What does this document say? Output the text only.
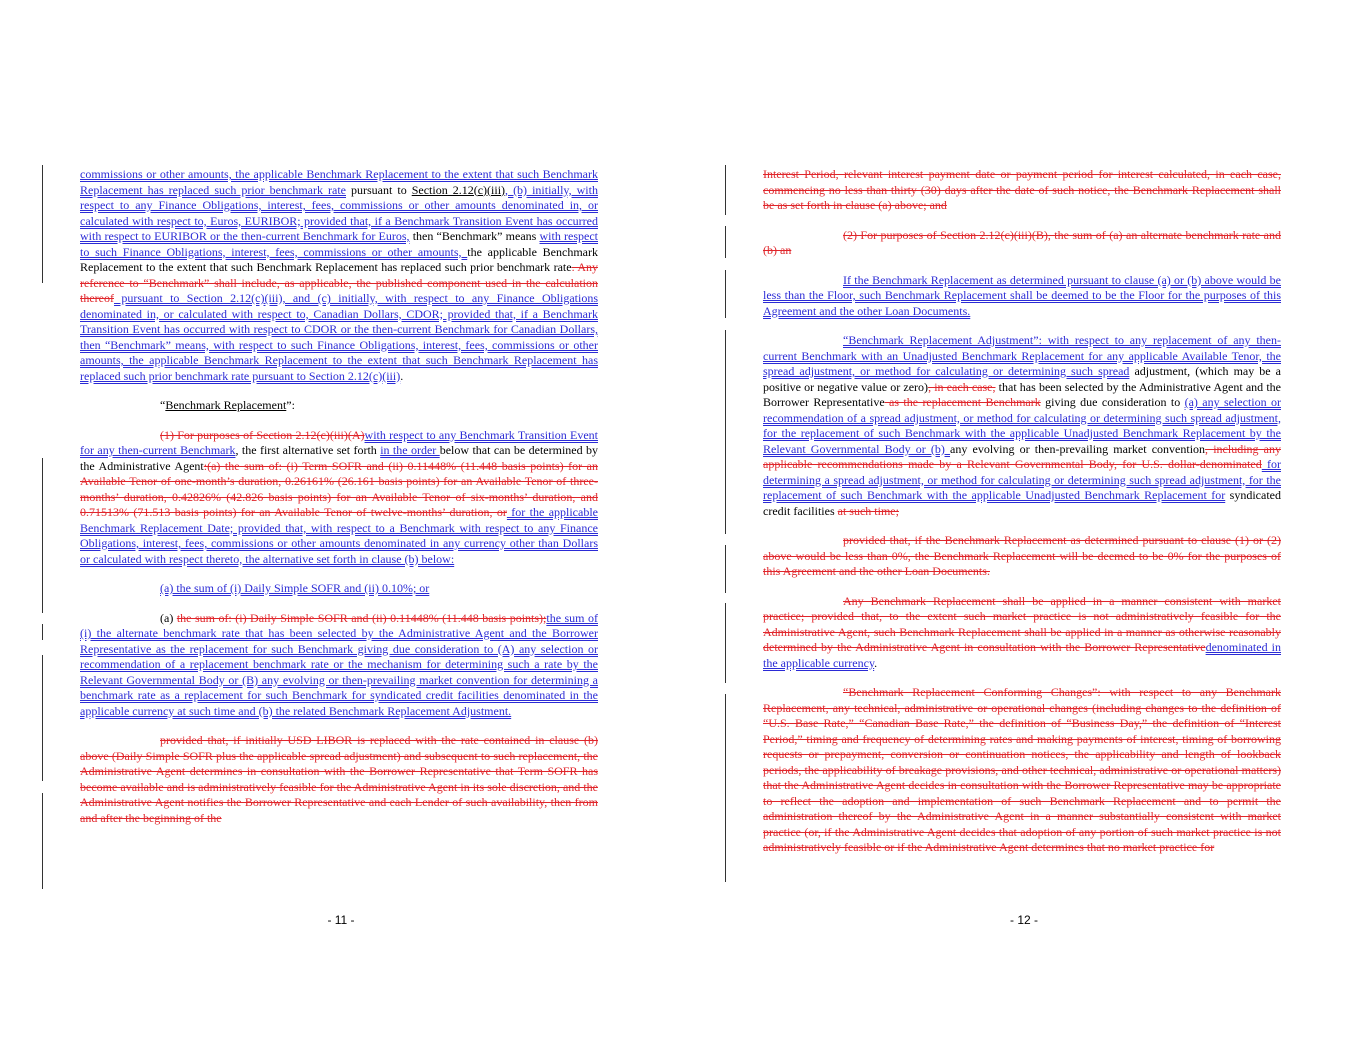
commissions or other amounts, the applicable Benchmark Replacement to the extent that such Benchmark Replacement has replaced such prior benchmark rate pursuant to Section 2.12(c)(iii), (b) initially, with respect to any Finance Obligations, interest, fees, commissions or other amounts denominated in, or calculated with respect to, Euros, EURIBOR; provided that, if a Benchmark Transition Event has occurred with respect to EURIBOR or the then-current Benchmark for Euros, then “Benchmark” means with respect to such Finance Obligations, interest, fees, commissions or other amounts, the applicable Benchmark Replacement to the extent that such Benchmark Replacement has replaced such prior benchmark rate. Any reference to “Benchmark” shall include, as applicable, the published component used in the calculation thereof pursuant to Section 2.12(c)(iii), and (c) initially, with respect to any Finance Obligations denominated in, or calculated with respect to, Canadian Dollars, CDOR; provided that, if a Benchmark Transition Event has occurred with respect to CDOR or the then-current Benchmark for Canadian Dollars, then “Benchmark” means, with respect to such Finance Obligations, interest, fees, commissions or other amounts, the applicable Benchmark Replacement to the extent that such Benchmark Replacement has replaced such prior benchmark rate pursuant to Section 2.12(c)(iii).

“Benchmark Replacement”:

(1) For purposes of Section 2.12(c)(iii)(A)with respect to any Benchmark Transition Event for any then-current Benchmark, the first alternative set forth in the order below that can be determined by the Administrative Agent:(a) the sum of: (i) Term SOFR and (ii) 0.11448% (11.448 basis points) for an Available Tenor of one-month’s duration, 0.26161% (26.161 basis points) for an Available Tenor of three-months’ duration, 0.42826% (42.826 basis points) for an Available Tenor of six-months’ duration, and 0.71513% (71.513 basis points) for an Available Tenor of twelve-months’ duration, or for the applicable Benchmark Replacement Date; provided that, with respect to a Benchmark with respect to any Finance Obligations, interest, fees, commissions or other amounts denominated in any currency other than Dollars or calculated with respect thereto, the alternative set forth in clause (b) below:

(a) the sum of (i) Daily Simple SOFR and (ii) 0.10%; or

(a) the sum of: (i) Daily Simple SOFR and (ii) 0.11448% (11.448 basis points);the sum of (i) the alternate benchmark rate that has been selected by the Administrative Agent and the Borrower Representative as the replacement for such Benchmark giving due consideration to (A) any selection or recommendation of a replacement benchmark rate or the mechanism for determining such a rate by the Relevant Governmental Body or (B) any evolving or then-prevailing market convention for determining a benchmark rate as a replacement for such Benchmark for syndicated credit facilities denominated in the applicable currency at such time and (b) the related Benchmark Replacement Adjustment.

provided that, if initially USD LIBOR is replaced with the rate contained in clause (b) above (Daily Simple SOFR plus the applicable spread adjustment) and subsequent to such replacement, the Administrative Agent determines in consultation with the Borrower Representative that Term SOFR has become available and is administratively feasible for the Administrative Agent in its sole discretion, and the Administrative Agent notifies the Borrower Representative and each Lender of such availability, then from and after the beginning of the

- 11 -

Interest Period, relevant interest payment date or payment period for interest calculated, in each case, commencing no less than thirty (30) days after the date of such notice, the Benchmark Replacement shall be as set forth in clause (a) above; and

(2) For purposes of Section 2.12(c)(iii)(B), the sum of (a) an alternate benchmark rate and (b) an

If the Benchmark Replacement as determined pursuant to clause (a) or (b) above would be less than the Floor, such Benchmark Replacement shall be deemed to be the Floor for the purposes of this Agreement and the other Loan Documents.

“Benchmark Replacement Adjustment”: with respect to any replacement of any then-current Benchmark with an Unadjusted Benchmark Replacement for any applicable Available Tenor, the spread adjustment, or method for calculating or determining such spread adjustment, (which may be a positive or negative value or zero), in each case, that has been selected by the Administrative Agent and the Borrower Representative as the replacement Benchmark giving due consideration to (a) any selection or recommendation of a spread adjustment, or method for calculating or determining such spread adjustment, for the replacement of such Benchmark with the applicable Unadjusted Benchmark Replacement by the Relevant Governmental Body or (b) any evolving or then-prevailing market convention, including any applicable recommendations made by a Relevant Governmental Body, for U.S. dollar-denominated for determining a spread adjustment, or method for calculating or determining such spread adjustment, for the replacement of such Benchmark with the applicable Unadjusted Benchmark Replacement for syndicated credit facilities at such time;

provided that, if the Benchmark Replacement as determined pursuant to clause (1) or (2) above would be less than 0%, the Benchmark Replacement will be deemed to be 0% for the purposes of this Agreement and the other Loan Documents.

Any Benchmark Replacement shall be applied in a manner consistent with market practice; provided that, to the extent such market practice is not administratively feasible for the Administrative Agent, such Benchmark Replacement shall be applied in a manner as otherwise reasonably determined by the Administrative Agent in consultation with the Borrower Representativedenominated in the applicable currency.

“Benchmark Replacement Conforming Changes”: with respect to any Benchmark Replacement, any technical, administrative or operational changes (including changes to the definition of “U.S. Base Rate,” “Canadian Base Rate,” the definition of “Business Day,” the definition of “Interest Period,” timing and frequency of determining rates and making payments of interest, timing of borrowing requests or prepayment, conversion or continuation notices, the applicability and length of lookback periods, the applicability of breakage provisions, and other technical, administrative or operational matters) that the Administrative Agent decides in consultation with the Borrower Representative may be appropriate to reflect the adoption and implementation of such Benchmark Replacement and to permit the administration thereof by the Administrative Agent in a manner substantially consistent with market practice (or, if the Administrative Agent decides that adoption of any portion of such market practice is not administratively feasible or if the Administrative Agent determines that no market practice for

- 12 -
